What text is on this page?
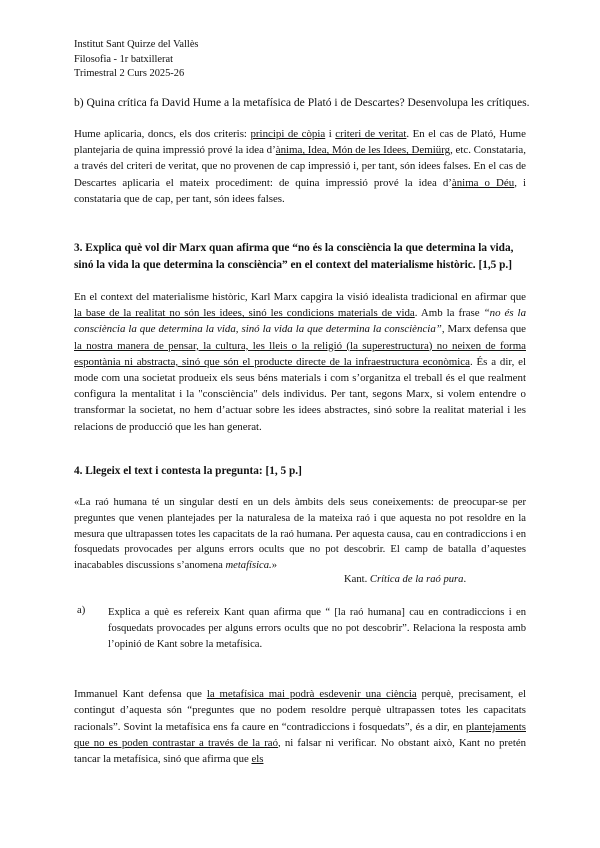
Institut Sant Quirze del Vallès
Filosofia - 1r batxillerat
Trimestral 2 Curs 2025-26
b) Quina crítica fa David Hume a la metafísica de Plató i de Descartes? Desenvolupa les crítiques.

Hume aplicaria, doncs, els dos criteris: principi de còpia i criteri de veritat. En el cas de Plató, Hume plantejaria de quina impressió prové la idea d’ànima, Idea, Món de les Idees, Demiürg, etc. Constataria, a través del criteri de veritat, que no provenen de cap impressió i, per tant, són idees falses. En el cas de Descartes aplicaria el mateix procediment: de quina impressió prové la idea d’ànima o Déu, i constataria que de cap, per tant, són idees falses.

3. Explica què vol dir Marx quan afirma que “no és la consciència la que determina la vida, sinó la vida la que determina la consciència” en el context del materialisme històric. [1,5 p.]

En el context del materialisme històric, Karl Marx capgira la visió idealista tradicional en afirmar que la base de la realitat no són les idees, sinó les condicions materials de vida. Amb la frase “no és la consciència la que determina la vida, sinó la vida la que determina la consciència”, Marx defensa que la nostra manera de pensar, la cultura, les lleis o la religió (la superestructura) no neixen de forma espontània ni abstracta, sinó que són el producte directe de la infraestructura econòmica. És a dir, el mode com una societat produeix els seus béns materials i com s’organitza el treball és el que realment configura la mentalitat i la "consciència" dels individus. Per tant, segons Marx, si volem entendre o transformar la societat, no hem d’actuar sobre les idees abstractes, sinó sobre la realitat material i les relacions de producció que les han generat.

4. Llegeix el text i contesta la pregunta: [1, 5 p.]
«La raó humana té un singular destí en un dels àmbits dels seus coneixements: de preocupar-se per preguntes que venen plantejades per la naturalesa de la mateixa raó i que aquesta no pot resoldre en la mesura que ultrapassen totes les capacitats de la raó humana. Per aquesta causa, cau en contradiccions i en fosquedats provocades per alguns errors ocults que no pot descobrir. El camp de batalla d’aquestes inacabables discussions s’anomena metafísica.»
Kant. Crítica de la raó pura.
a) Explica a què es refereix Kant quan afirma que “ [la raó humana] cau en contradiccions i en fosquedats provocades per alguns errors ocults que no pot descobrir”. Relaciona la resposta amb l’opinió de Kant sobre la metafísica.
Immanuel Kant defensa que la metafísica mai podrà esdevenir una ciència perquè, precisament, el contingut d’aquesta són “preguntes que no podem resoldre perquè ultrapassen totes les capacitats racionals”. Sovint la metafísica ens fa caure en “contradiccions i fosquedats”, és a dir, en plantejaments que no es poden contrastar a través de la raó, ni falsar ni verificar. No obstant això, Kant no pretén tancar la metafísica, sinó que afirma que els
